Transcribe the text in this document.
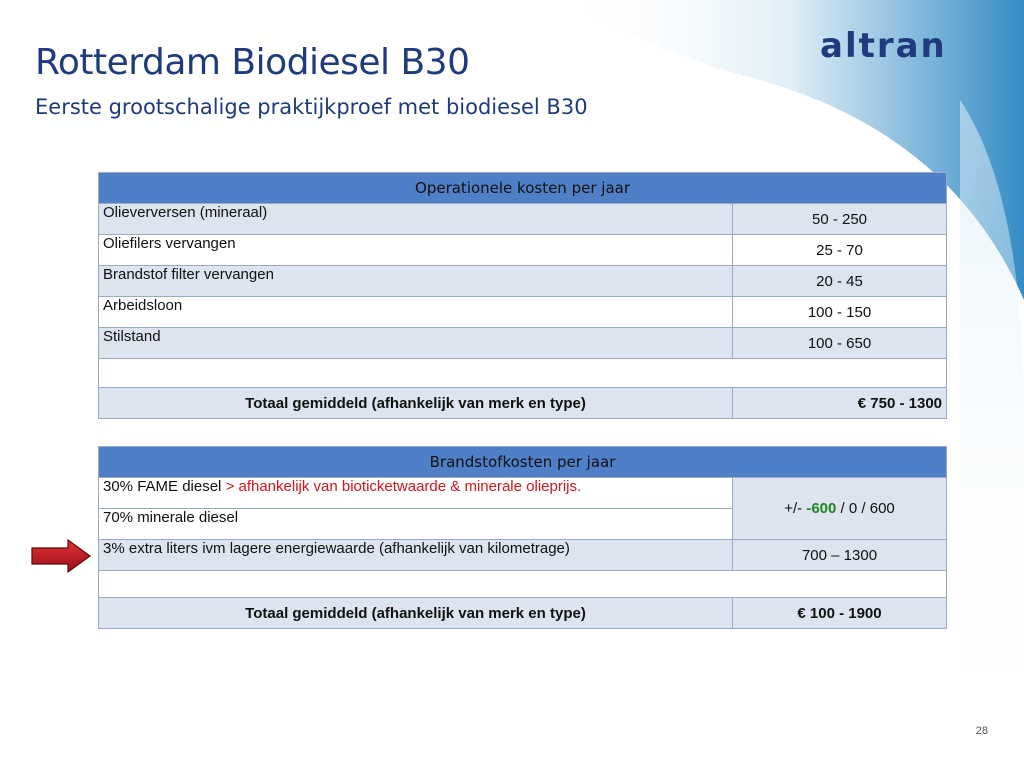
Rotterdam Biodiesel B30
Eerste grootschalige praktijkproef met biodiesel B30
altran
Operationele kosten per jaar	
Olieverversen (mineraal)	50 - 250
Oliefilers vervangen	25 - 70
Brandstof filter vervangen	20 - 45
Arbeidsloon	100 - 150
Stilstand	100 - 650

Totaal gemiddeld (afhankelijk van merk en type)	€ 750 - 1300
Brandstofkosten per jaar	
30% FAME diesel > afhankelijk van bioticketwaarde & minerale olieprijs.	+/- -600 / 0 / 600
70% minerale diesel	
3% extra liters ivm lagere energiewaarde (afhankelijk van kilometrage)	700 – 1300

Totaal gemiddeld (afhankelijk van merk en type)	€ 100 - 1900
28
